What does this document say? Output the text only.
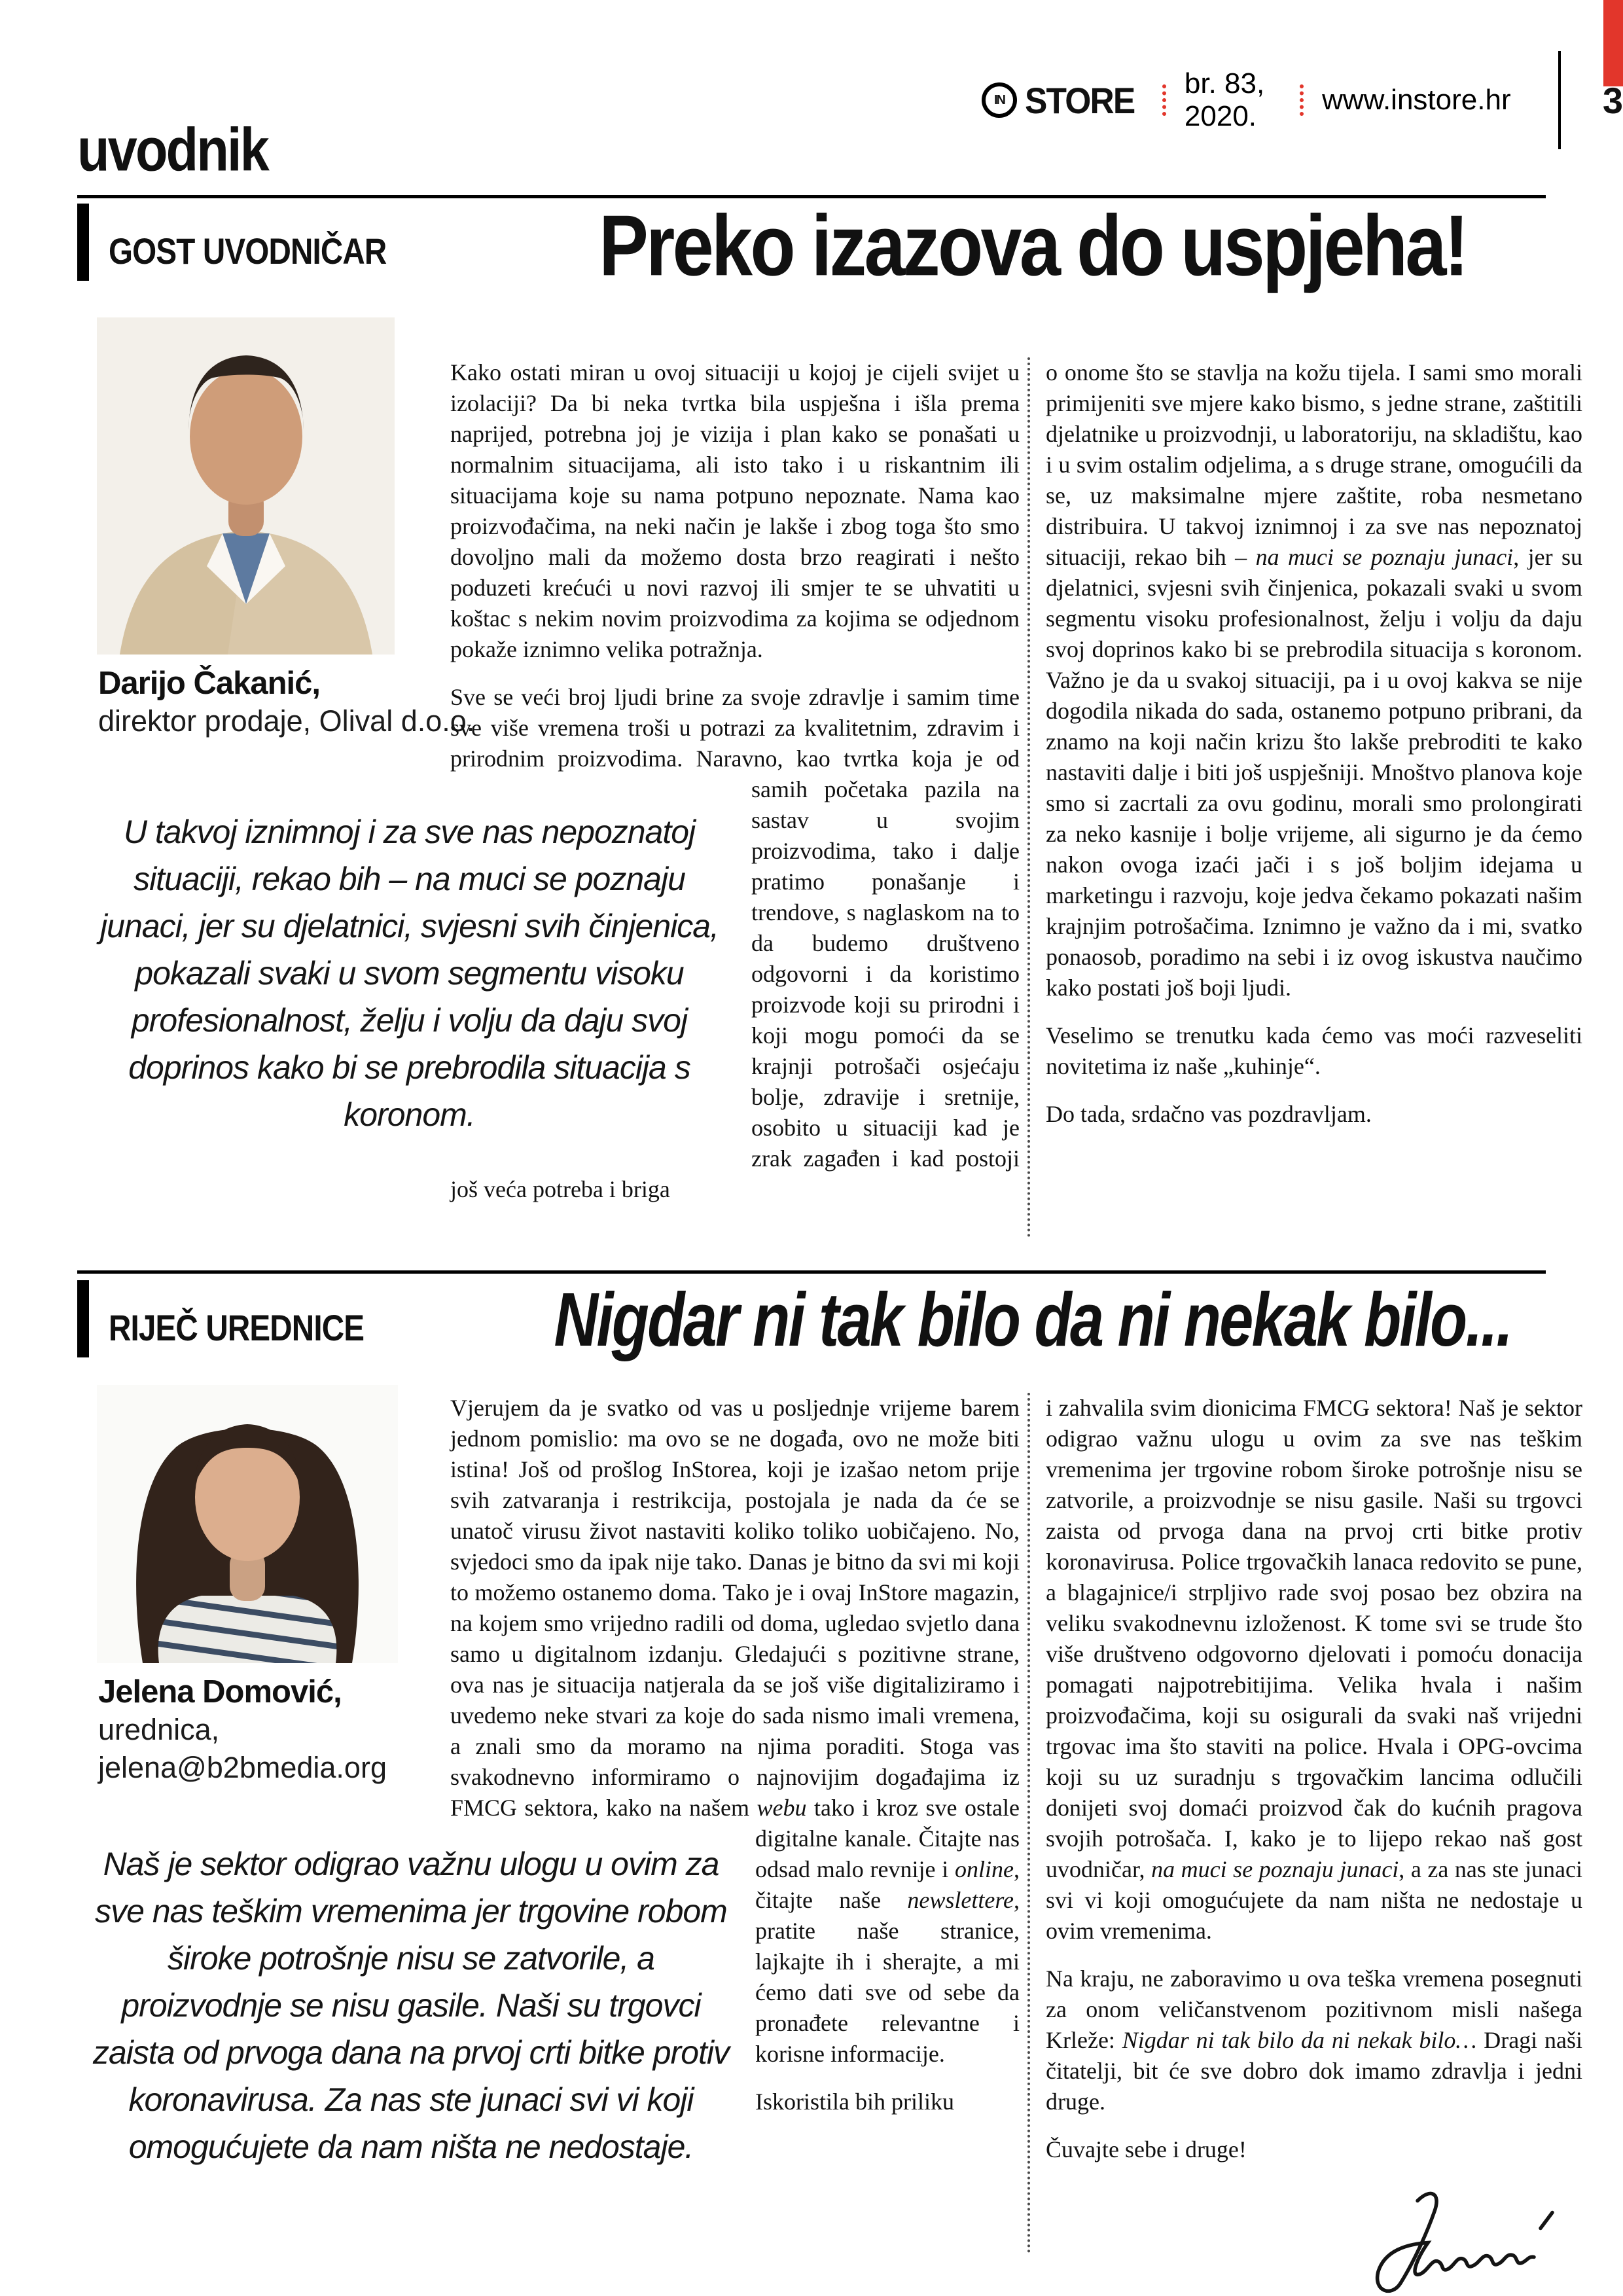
IN STORE br. 83, 2020.
www.instore.hr	3
uvodnik
GOST UVODNIČAR	Preko izazova do uspjeha!
Darijo Čakanić,
direktor prodaje, Olival d.o.o.

Kako ostati miran u ovoj situaciji u kojoj je cijeli svijet u izolaciji? Da bi neka tvrtka bila uspješna i išla prema naprijed, potrebna joj je vizija i plan kako se ponašati u normalnim situacijama, ali isto tako i u riskantnim ili situacijama koje su nama potpuno nepoznate. Nama kao proizvođačima, na neki način je lakše i zbog toga što smo dovoljno mali da možemo dosta brzo reagirati i nešto poduzeti krećući u novi razvoj ili smjer te se uhvatiti u koštac s nekim novim proizvodima za kojima se odjednom pokaže iznimno velika potražnja.

Sve se veći broj ljudi brine za svoje zdravlje i samim time sve više vremena troši u potrazi za kvalitetnim, zdravim i prirodnim proizvodima. Naravno,
U takvoj iznimnoj i za sve nas nepoznatoj situaciji, rekao bih – na muci se poznaju junaci, jer su djelatnici, svjesni svih činjenica, pokazali svaki u svom segmentu visoku profesionalnost, želju i volju da daju svoj doprinos kako bi se prebrodila situacija s koronom.
kao tvrtka koja je od samih početaka pazila na sastav u svojim proizvodima, tako i dalje pratimo ponašanje i trendove, s naglaskom na to da budemo društveno odgovorni i da koristimo proizvode koji su prirodni i koji mogu pomoći da se krajnji potrošači osjećaju bolje, zdravije i sretnije, osobito u situaciji kad je zrak zagađen i kad postoji još veća potreba i briga

o onome što se stavlja na kožu tijela. I sami smo morali primijeniti sve mjere kako bismo, s jedne strane, zaštitili djelatnike u proizvodnji, u laboratoriju, na skladištu, kao i u svim ostalim odjelima, a s druge strane, omogućili da se, uz maksimalne mjere zaštite, roba nesmetano distribuira. U takvoj iznimnoj i za sve nas nepoznatoj situaciji, rekao bih – na muci se poznaju junaci, jer su djelatnici, svjesni svih činjenica, pokazali svaki u svom segmentu visoku profesionalnost, želju i volju da daju svoj doprinos kako bi se prebrodila situacija s koronom. Važno je da u svakoj situaciji, pa i u ovoj kakva se nije dogodila nikada do sada, ostanemo potpuno pribrani, da znamo na koji način krizu što lakše prebroditi te kako nastaviti dalje i biti još uspješniji. Mnoštvo planova koje smo si zacrtali za ovu godinu, morali smo prolongirati za neko kasnije i bolje vrijeme, ali sigurno je da ćemo nakon ovoga izaći jači i s još boljim idejama u marketingu i razvoju, koje jedva čekamo pokazati našim krajnjim potrošačima. Iznimno je važno da i mi, svatko ponaosob, poradimo na sebi i iz ovog iskustva naučimo kako postati još boji ljudi.

Veselimo se trenutku kada ćemo vas moći razveseliti novitetima iz naše „kuhinje“.

Do tada, srdačno vas pozdravljam.

RIJEČ UREDNICE	Nigdar ni tak bilo da ni nekak bilo...
Jelena Domović,
urednica,
jelena@b2bmedia.org

Vjerujem da je svatko od vas u posljednje vrijeme barem jednom pomislio: ma ovo se ne događa, ovo ne može biti istina! Još od prošlog InStorea, koji je izašao netom prije svih zatvaranja i restrikcija, postojala je nada da će se unatoč virusu život nastaviti koliko toliko uobičajeno. No, svjedoci smo da ipak nije tako. Danas je bitno da svi mi koji to možemo ostanemo doma. Tako je i ovaj InStore magazin, na kojem smo vrijedno radili od doma, ugledao svjetlo dana samo u digitalnom izdanju. Gledajući s pozitivne strane, ova nas je situacija natjerala da se još više digitaliziramo i uvedemo neke stvari za koje do sada nismo imali vremena, a znali smo da moramo na njima poraditi. Stoga vas svakodnevno informiramo o najnovijim događajima iz FMCG sektora, kako na našem webu
Naš je sektor odigrao važnu ulogu u ovim za sve nas teškim vremenima jer trgovine robom široke potrošnje nisu se zatvorile, a proizvodnje se nisu gasile. Naši su trgovci zaista od prvoga dana na prvoj crti bitke protiv koronavirusa. Za nas ste junaci svi vi koji omogućujete da nam ništa ne nedostaje.
tako i kroz sve ostale digitalne kanale. Čitajte nas odsad malo revnije i online, čitajte naše newslettere, pratite naše stranice, lajkajte ih i sherajte, a mi ćemo dati sve od sebe da pronađete relevantne i korisne informacije.

Iskoristila bih priliku

i zahvalila svim dionicima FMCG sektora! Naš je sektor odigrao važnu ulogu u ovim za sve nas teškim vremenima jer trgovine robom široke potrošnje nisu se zatvorile, a proizvodnje se nisu gasile. Naši su trgovci zaista od prvoga dana na prvoj crti bitke protiv koronavirusa. Police trgovačkih lanaca redovito se pune, a blagajnice/i strpljivo rade svoj posao bez obzira na veliku svakodnevnu izloženost. K tome svi se trude što više društveno odgovorno djelovati i pomoću donacija pomagati najpotrebitijima. Velika hvala i našim proizvođačima, koji su osigurali da svaki naš vrijedni trgovac ima što staviti na police. Hvala i OPG-ovcima koji su uz suradnju s trgovačkim lancima odlučili donijeti svoj domaći proizvod čak do kućnih pragova svojih potrošača. I, kako je to lijepo rekao naš gost uvodničar, na muci se poznaju junaci, a za nas ste junaci svi vi koji omogućujete da nam ništa ne nedostaje u ovim vremenima.

Na kraju, ne zaboravimo u ova teška vremena posegnuti za onom veličanstvenom pozitivnom misli našega Krleže: Nigdar ni tak bilo da ni nekak bilo… Dragi naši čitatelji, bit će sve dobro dok imamo zdravlja i jedni druge.

Čuvajte sebe i druge!
